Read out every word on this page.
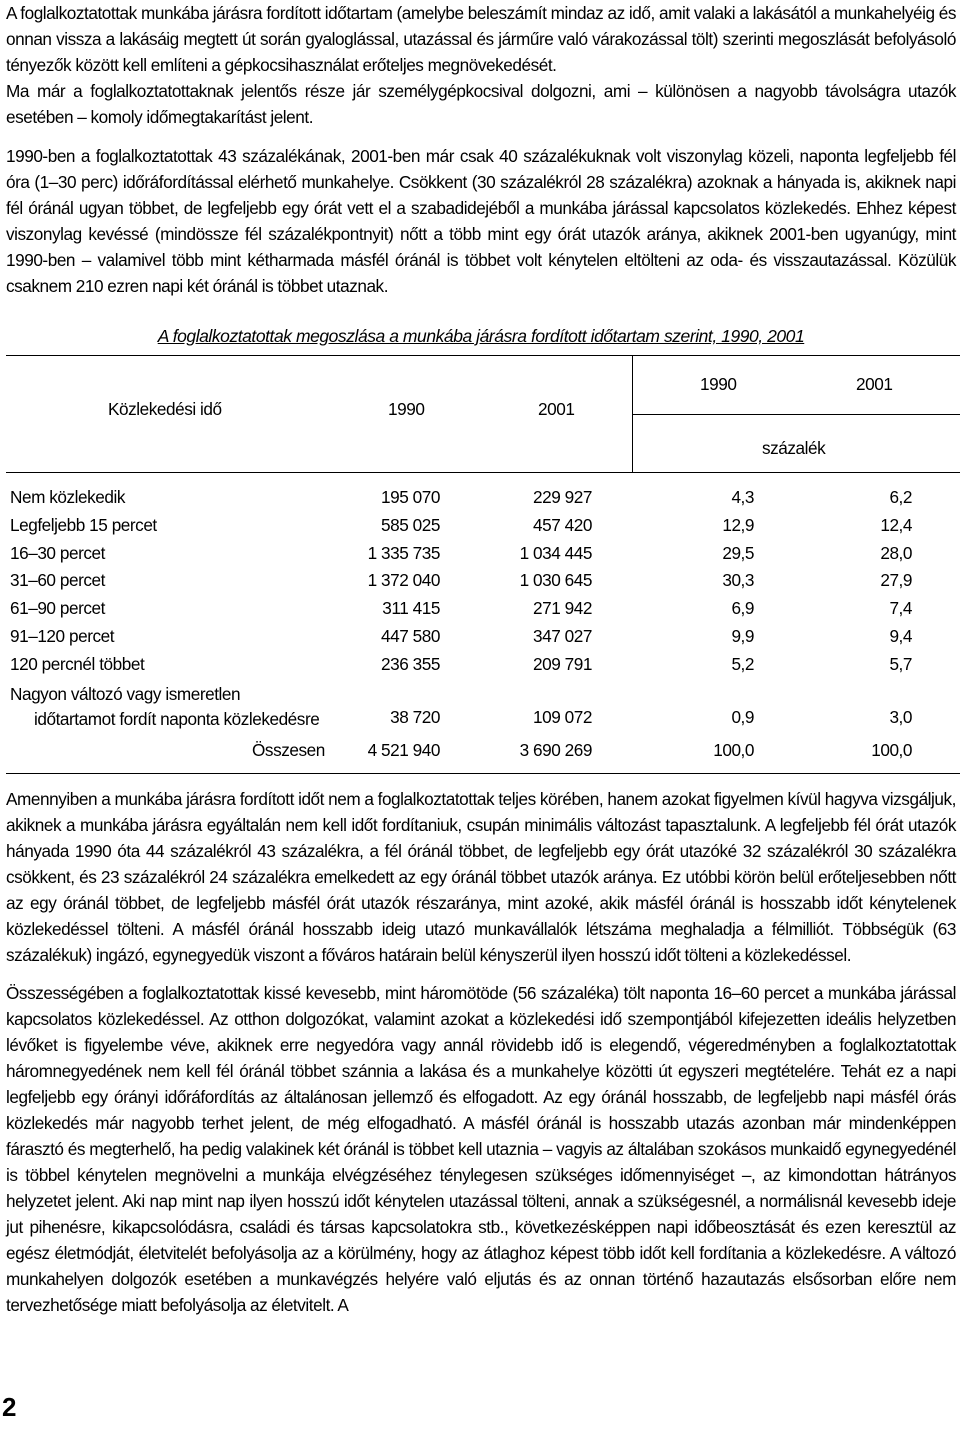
A foglalkoztatottak munkába járásra fordított időtartam (amelybe beleszámít mindaz az idő, amit valaki a lakásától a munkahelyéig és onnan vissza a lakásáig megtett út során gyaloglással, utazással és járműre való várakozással tölt) szerinti megoszlását befolyásoló tényezők között kell említeni a gépkocsihasználat erőteljes megnövekedését.

Ma már a foglalkoztatottaknak jelentős része jár személygépkocsival dolgozni, ami – különösen a nagyobb távolságra utazók esetében – komoly időmegtakarítást jelent.

1990-ben a foglalkoztatottak 43 százalékának, 2001-ben már csak 40 százalékuknak volt viszonylag közeli, naponta legfeljebb fél óra (1–30 perc) időráfordítással elérhető munkahelye. Csökkent (30 százalékról 28 százalékra) azoknak a hányada is, akiknek napi fél óránál ugyan többet, de legfeljebb egy órát vett el a szabadidejéből a munkába járással kapcsolatos közlekedés. Ehhez képest viszonylag kevéssé (mindössze fél százalékpontnyit) nőtt a több mint egy órát utazók aránya, akiknek 2001-ben ugyanúgy, mint 1990-ben – valamivel több mint kétharmada másfél óránál is többet volt kénytelen eltölteni az oda- és visszautazással. Közülük csaknem 210 ezren napi két óránál is többet utaznak.

A foglalkoztatottak megoszlása a munkába járásra fordított időtartam szerint, 1990, 2001
Közlekedési idő	1990	2001
1990	2001
százalék
Nem közlekedik	195 070	229 927	4,3	6,2
Legfeljebb 15 percet	585 025	457 420	12,9	12,4
16–30 percet	1 335 735	1 034 445	29,5	28,0
31–60 percet	1 372 040	1 030 645	30,3	27,9
61–90 percet	311 415	271 942	6,9	7,4
91–120 percet	447 580	347 027	9,9	9,4
120 percnél többet	236 355	209 791	5,2	5,7
Nagyon változó vagy ismeretlen
időtartamot fordít naponta közlekedésre	38 720	109 072	0,9	3,0
Összesen 4 521 940	3 690 269	100,0	100,0

Amennyiben a munkába járásra fordított időt nem a foglalkoztatottak teljes körében, hanem azokat figyelmen kívül hagyva vizsgáljuk, akiknek a munkába járásra egyáltalán nem kell időt fordítaniuk, csupán minimális változást tapasztalunk. A legfeljebb fél órát utazók hányada 1990 óta 44 százalékról 43 százalékra, a fél óránál többet, de legfeljebb egy órát utazóké 32 százalékról 30 százalékra csökkent, és 23 százalékról 24 százalékra emelkedett az egy óránál többet utazók aránya. Ez utóbbi körön belül erőteljesebben nőtt az egy óránál többet, de legfeljebb másfél órát utazók részaránya, mint azoké, akik másfél óránál is hosszabb időt kénytelenek közlekedéssel tölteni. A másfél óránál hosszabb ideig utazó munkavállalók létszáma meghaladja a félmilliót. Többségük (63 százalékuk) ingázó, egynegyedük viszont a főváros határain belül kényszerül ilyen hosszú időt tölteni a közlekedéssel.

Összességében a foglalkoztatottak kissé kevesebb, mint háromötöde (56 százaléka) tölt naponta 16–60 percet a munkába járással kapcsolatos közlekedéssel. Az otthon dolgozókat, valamint azokat a közlekedési idő szempontjából kifejezetten ideális helyzetben lévőket is figyelembe véve, akiknek erre negyedóra vagy annál rövidebb idő is elegendő, végeredményben a foglalkoztatottak háromnegyedének nem kell fél óránál többet szánnia a lakása és a munkahelye közötti út egyszeri megtételére. Tehát ez a napi legfeljebb egy órányi időráfordítás az általánosan jellemző és elfogadott. Az egy óránál hosszabb, de legfeljebb napi másfél órás közlekedés már nagyobb terhet jelent, de még elfogadható. A másfél óránál is hosszabb utazás azonban már mindenképpen fárasztó és megterhelő, ha pedig valakinek két óránál is többet kell utaznia – vagyis az általában szokásos munkaidő egynegyedénél is többel kénytelen megnövelni a munkája elvégzéséhez ténylegesen szükséges időmennyiséget –, az kimondottan hátrányos helyzetet jelent. Aki nap mint nap ilyen hosszú időt kénytelen utazással tölteni, annak a szükségesnél, a normálisnál kevesebb ideje jut pihenésre, kikapcsolódásra, családi és társas kapcsolatokra stb., következésképpen napi időbeosztását és ezen keresztül az egész életmódját, életvitelét befolyásolja az a körülmény, hogy az átlaghoz képest több időt kell fordítania a közlekedésre. A változó munkahelyen dolgozók esetében a munkavégzés helyére való eljutás és az onnan történő hazautazás elsősorban előre nem tervezhetősége miatt befolyásolja az életvitelt. A

2
